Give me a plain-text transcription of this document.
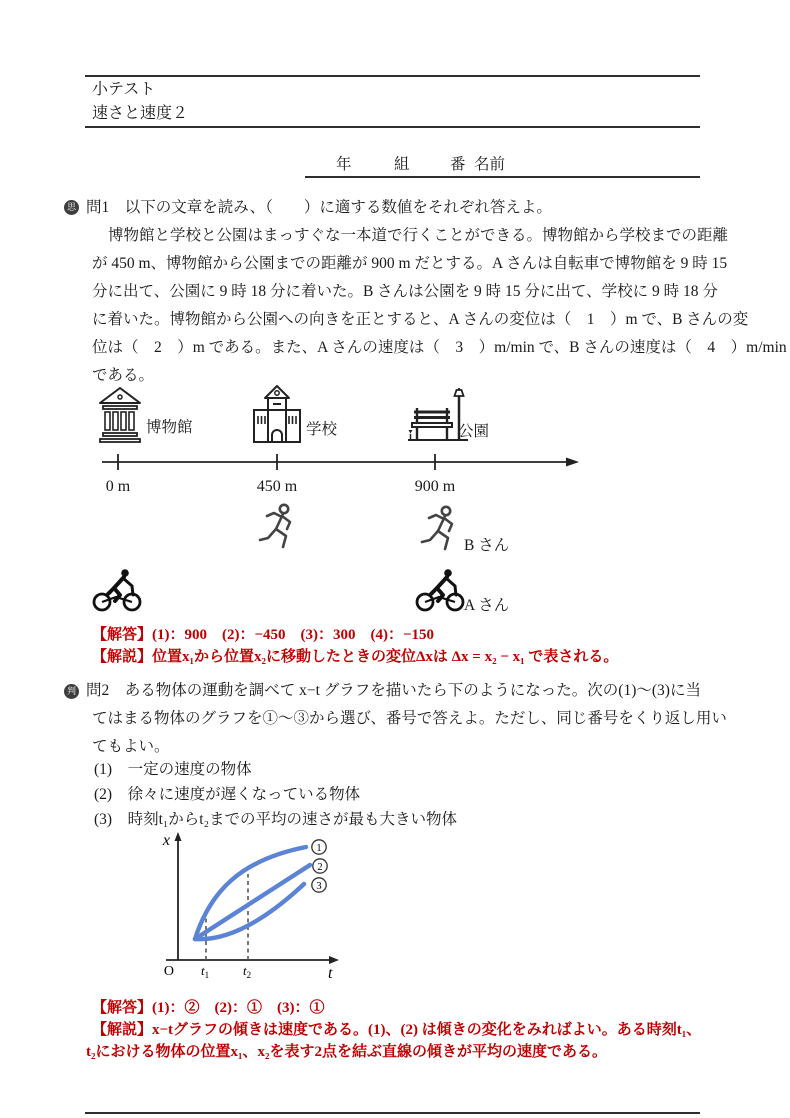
小テスト
速さと速度２
年	組	番 名前
思 問1　以下の文章を読み、（　　）に適する数値をそれぞれ答えよ。
博物館と学校と公園はまっすぐな一本道で行くことができる。博物館から学校までの距離
が 450 m、博物館から公園までの距離が 900 m だとする。A さんは自転車で博物館を 9 時 15
分に出て、公園に 9 時 18 分に着いた。B さんは公園を 9 時 15 分に出て、学校に 9 時 18 分
に着いた。博物館から公園への向きを正とすると、A さんの変位は（　1　）m で、B さんの変
位は（　2　）m である。また、A さんの速度は（　3　）m/min で、B さんの速度は（　4　）m/min
である。
博物館	学校	公園
0 m	450 m	900 m
B さん
A さん
【解答】(1)：900　(2)：−450　(3)：300　(4)：−150
【解説】位置x₁から位置x₂に移動したときの変位Δxは Δx = x₂ − x₁ で表される。
判 問2　ある物体の運動を調べて x−t グラフを描いたら下のようになった。次の(1)〜(3)に当
てはまる物体のグラフを①〜③から選び、番号で答えよ。ただし、同じ番号をくり返し用い
てもよい。
(1)　一定の速度の物体
(2)　徐々に速度が遅くなっている物体
(3)　時刻t₁からt₂までの平均の速さが最も大きい物体
x
O	t
$t_1$	$t_2$
1
2
3
【解答】(1)：②　(2)：①　(3)：①
【解説】x−tグラフの傾きは速度である。(1)、(2) は傾きの変化をみればよい。ある時刻t₁、
t₂における物体の位置x₁、x₂を表す2点を結ぶ直線の傾きが平均の速度である。
